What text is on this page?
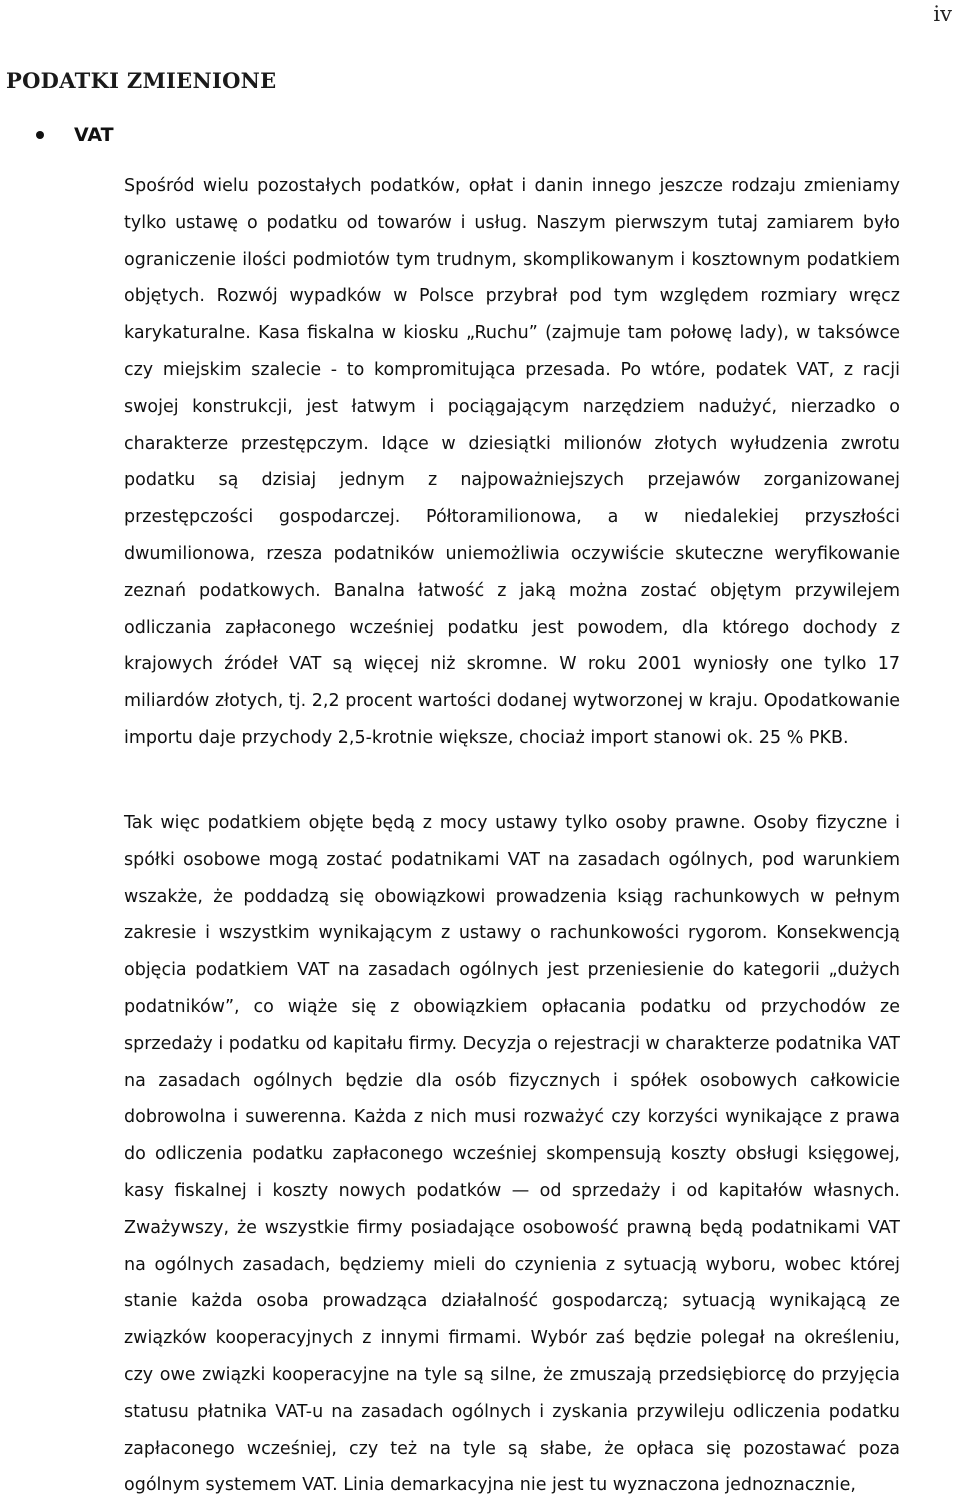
iv
PODATKI ZMIENIONE
VAT

Spośród wielu pozostałych podatków, opłat i danin innego jeszcze rodzaju zmieniamy tylko ustawę o podatku od towarów i usług. Naszym pierwszym tutaj zamiarem było ograniczenie ilości podmiotów tym trudnym, skomplikowanym i kosztownym podatkiem objętych. Rozwój wypadków w Polsce przybrał pod tym względem rozmiary wręcz karykaturalne. Kasa fiskalna w kiosku „Ruchu” (zajmuje tam połowę lady), w taksówce czy miejskim szalecie - to kompromitująca przesada. Po wtóre, podatek VAT, z racji swojej konstrukcji, jest łatwym i pociągającym narzędziem nadużyć, nierzadko o charakterze przestępczym. Idące w dziesiątki milionów złotych wyłudzenia zwrotu podatku są dzisiaj jednym z najpoważniejszych przejawów zorganizowanej przestępczości gospodarczej. Półtoramilionowa, a w niedalekiej przyszłości dwumilionowa, rzesza podatników uniemożliwia oczywiście skuteczne weryfikowanie zeznań podatkowych. Banalna łatwość z jaką można zostać objętym przywilejem odliczania zapłaconego wcześniej podatku jest powodem, dla którego dochody z krajowych źródeł VAT są więcej niż skromne. W roku 2001 wyniosły one tylko 17 miliardów złotych, tj. 2,2 procent wartości dodanej wytworzonej w kraju. Opodatkowanie importu daje przychody 2,5-krotnie większe, chociaż import stanowi ok. 25 % PKB.

Tak więc podatkiem objęte będą z mocy ustawy tylko osoby prawne. Osoby fizyczne i spółki osobowe mogą zostać podatnikami VAT na zasadach ogólnych, pod warunkiem wszakże, że poddadzą się obowiązkowi prowadzenia ksiąg rachunkowych w pełnym zakresie i wszystkim wynikającym z ustawy o rachunkowości rygorom. Konsekwencją objęcia podatkiem VAT na zasadach ogólnych jest przeniesienie do kategorii „dużych podatników”, co wiąże się z obowiązkiem opłacania podatku od przychodów ze sprzedaży i podatku od kapitału firmy. Decyzja o rejestracji w charakterze podatnika VAT na zasadach ogólnych będzie dla osób fizycznych i spółek osobowych całkowicie dobrowolna i suwerenna. Każda z nich musi rozważyć czy korzyści wynikające z prawa do odliczenia podatku zapłaconego wcześniej skompensują koszty obsługi księgowej, kasy fiskalnej i koszty nowych podatków — od sprzedaży i od kapitałów własnych. Zważywszy, że wszystkie firmy posiadające osobowość prawną będą podatnikami VAT na ogólnych zasadach, będziemy mieli do czynienia z sytuacją wyboru, wobec której stanie każda osoba prowadząca działalność gospodarczą; sytuacją wynikającą ze związków kooperacyjnych z innymi firmami. Wybór zaś będzie polegał na określeniu, czy owe związki kooperacyjne na tyle są silne, że zmuszają przedsiębiorcę do przyjęcia statusu płatnika VAT-u na zasadach ogólnych i zyskania przywileju odliczenia podatku zapłaconego wcześniej, czy też na tyle są słabe, że opłaca się pozostawać poza ogólnym systemem VAT. Linia demarkacyjna nie jest tu wyznaczona jednoznacznie,
